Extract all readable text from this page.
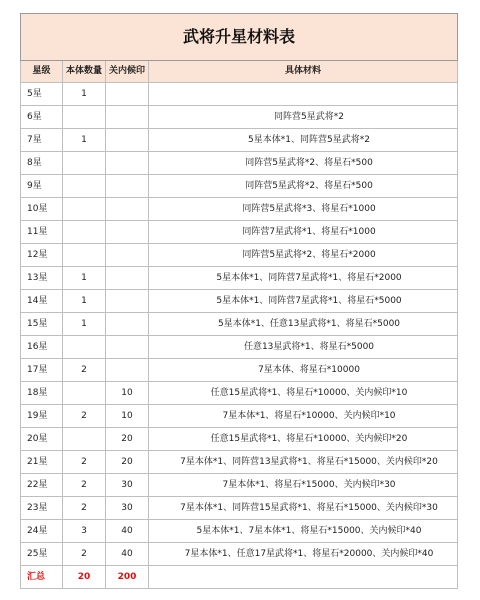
武将升星材料表			
星级	本体数量	关内候印	具体材料
5星	1		
6星			同阵营5星武将*2
7星	1		5星本体*1、同阵营5星武将*2
8星			同阵营5星武将*2、将星石*500
9星			同阵营5星武将*2、将星石*500
10星			同阵营5星武将*3、将星石*1000
11星			同阵营7星武将*1、将星石*1000
12星			同阵营5星武将*2、将星石*2000
13星	1		5星本体*1、同阵营7星武将*1、将星石*2000
14星	1		5星本体*1、同阵营7星武将*1、将星石*5000
15星	1		5星本体*1、任意13星武将*1、将星石*5000
16星			任意13星武将*1、将星石*5000
17星	2		7星本体、将星石*10000
18星		10	任意15星武将*1、将星石*10000、关内候印*10
19星	2	10	7星本体*1、将星石*10000、关内候印*10
20星		20	任意15星武将*1、将星石*10000、关内候印*20
21星	2	20	7星本体*1、同阵营13星武将*1、将星石*15000、关内候印*20
22星	2	30	7星本体*1、将星石*15000、关内候印*30
23星	2	30	7星本体*1、同阵营15星武将*1、将星石*15000、关内候印*30
24星	3	40	5星本体*1、7星本体*1、将星石*15000、关内候印*40
25星	2	40	7星本体*1、任意17星武将*1、将星石*20000、关内候印*40
汇总	20	200	
